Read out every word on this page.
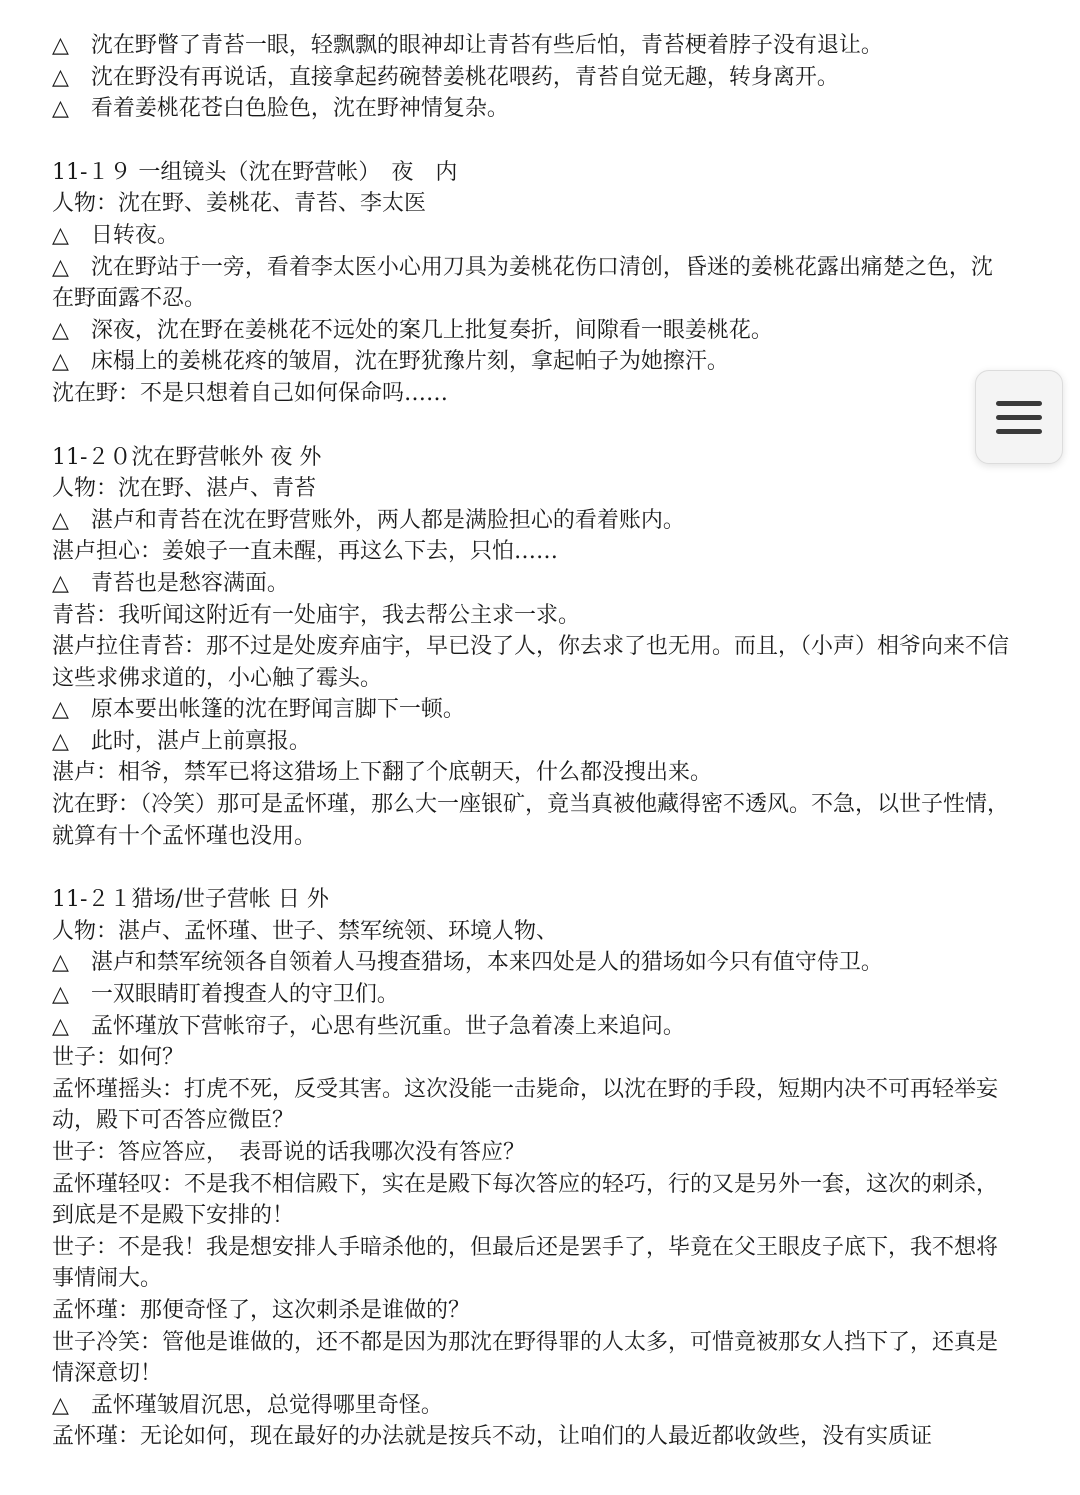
△　沈在野瞥了青苔一眼，轻飘飘的眼神却让青苔有些后怕，青苔梗着脖子没有退让。
△　沈在野没有再说话，直接拿起药碗替姜桃花喂药，青苔自觉无趣，转身离开。
△　看着姜桃花苍白色脸色，沈在野神情复杂。
11-１９ 一组镜头（沈在野营帐）　夜　内
人物：沈在野、姜桃花、青苔、李太医
△　日转夜。
△　沈在野站于一旁，看着李太医小心用刀具为姜桃花伤口清创，昏迷的姜桃花露出痛楚之色，沈在野面露不忍。
△　深夜，沈在野在姜桃花不远处的案几上批复奏折，间隙看一眼姜桃花。
△　床榻上的姜桃花疼的皱眉，沈在野犹豫片刻，拿起帕子为她擦汗。
沈在野：不是只想着自己如何保命吗……
11-２０沈在野营帐外 夜 外
人物：沈在野、湛卢、青苔
△　湛卢和青苔在沈在野营账外，两人都是满脸担心的看着账内。
湛卢担心：姜娘子一直未醒，再这么下去，只怕……
△　青苔也是愁容满面。
青苔：我听闻这附近有一处庙宇，我去帮公主求一求。
湛卢拉住青苔：那不过是处废弃庙宇，早已没了人，你去求了也无用。而且，（小声）相爷向来不信这些求佛求道的，小心触了霉头。
△　原本要出帐篷的沈在野闻言脚下一顿。
△　此时，湛卢上前禀报。
湛卢：相爷，禁军已将这猎场上下翻了个底朝天，什么都没搜出来。
沈在野：（冷笑）那可是孟怀瑾，那么大一座银矿，竟当真被他藏得密不透风。不急，以世子性情，就算有十个孟怀瑾也没用。
11-２１猎场/世子营帐 日 外
人物：湛卢、孟怀瑾、世子、禁军统领、环境人物、
△　湛卢和禁军统领各自领着人马搜查猎场，本来四处是人的猎场如今只有值守侍卫。
△　一双眼睛盯着搜查人的守卫们。
△　孟怀瑾放下营帐帘子，心思有些沉重。世子急着凑上来追问。
世子：如何？
孟怀瑾摇头：打虎不死，反受其害。这次没能一击毙命，以沈在野的手段，短期内决不可再轻举妄动，殿下可否答应微臣？
世子：答应答应，　表哥说的话我哪次没有答应？
孟怀瑾轻叹：不是我不相信殿下，实在是殿下每次答应的轻巧，行的又是另外一套，这次的刺杀，到底是不是殿下安排的！
世子：不是我！我是想安排人手暗杀他的，但最后还是罢手了，毕竟在父王眼皮子底下，我不想将事情闹大。
孟怀瑾：那便奇怪了，这次刺杀是谁做的？
世子冷笑：管他是谁做的，还不都是因为那沈在野得罪的人太多，可惜竟被那女人挡下了，还真是情深意切！
△　孟怀瑾皱眉沉思，总觉得哪里奇怪。
孟怀瑾：无论如何，现在最好的办法就是按兵不动，让咱们的人最近都收敛些，没有实质证
